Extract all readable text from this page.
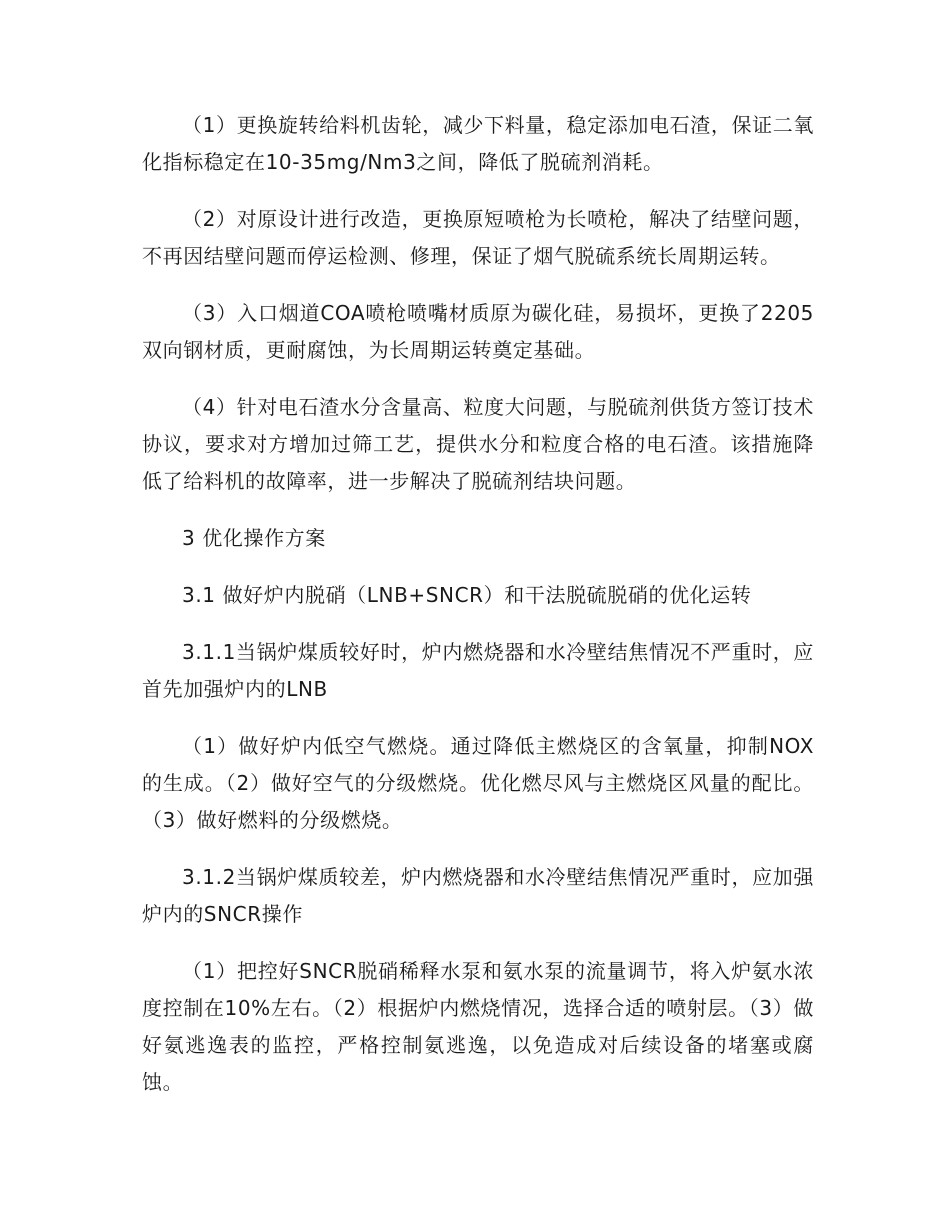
（1）更换旋转给料机齿轮，减少下料量，稳定添加电石渣，保证二氧化指标稳定在10-35mg/Nm3之间，降低了脱硫剂消耗。

（2）对原设计进行改造，更换原短喷枪为长喷枪，解决了结壁问题，不再因结壁问题而停运检测、修理，保证了烟气脱硫系统长周期运转。

（3）入口烟道COA喷枪喷嘴材质原为碳化硅，易损坏，更换了2205双向钢材质，更耐腐蚀，为长周期运转奠定基础。

（4）针对电石渣水分含量高、粒度大问题，与脱硫剂供货方签订技术协议，要求对方增加过筛工艺，提供水分和粒度合格的电石渣。该措施降低了给料机的故障率，进一步解决了脱硫剂结块问题。

3 优化操作方案

3.1 做好炉内脱硝（LNB+SNCR）和干法脱硫脱硝的优化运转

3.1.1当锅炉煤质较好时，炉内燃烧器和水冷壁结焦情况不严重时，应首先加强炉内的LNB

（1）做好炉内低空气燃烧。通过降低主燃烧区的含氧量，抑制NOX的生成。（2）做好空气的分级燃烧。优化燃尽风与主燃烧区风量的配比。（3）做好燃料的分级燃烧。

3.1.2当锅炉煤质较差，炉内燃烧器和水冷壁结焦情况严重时，应加强炉内的SNCR操作

（1）把控好SNCR脱硝稀释水泵和氨水泵的流量调节，将入炉氨水浓度控制在10%左右。（2）根据炉内燃烧情况，选择合适的喷射层。（3）做好氨逃逸表的监控，严格控制氨逃逸，以免造成对后续设备的堵塞或腐蚀。
